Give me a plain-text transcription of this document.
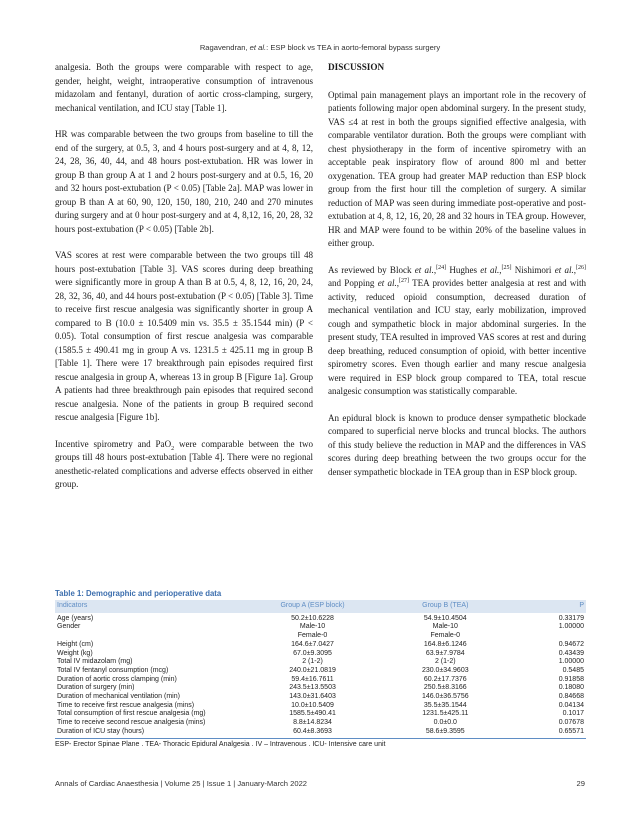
Ragavendran, et al.: ESP block vs TEA in aorto-femoral bypass surgery

analgesia. Both the groups were comparable with respect to age, gender, height, weight, intraoperative consumption of intravenous midazolam and fentanyl, duration of aortic cross-clamping, surgery, mechanical ventilation, and ICU stay [Table 1].

HR was comparable between the two groups from baseline to till the end of the surgery, at 0.5, 3, and 4 hours post-surgery and at 4, 8, 12, 24, 28, 36, 40, 44, and 48 hours post-extubation. HR was lower in group B than group A at 1 and 2 hours post-surgery and at 0.5, 16, 20 and 32 hours post-extubation (P < 0.05) [Table 2a]. MAP was lower in group B than A at 60, 90, 120, 150, 180, 210, 240 and 270 minutes during surgery and at 0 hour post-surgery and at 4, 8,12, 16, 20, 28, 32 hours post-extubation (P < 0.05) [Table 2b].

VAS scores at rest were comparable between the two groups till 48 hours post-extubation [Table 3]. VAS scores during deep breathing were significantly more in group A than B at 0.5, 4, 8, 12, 16, 20, 24, 28, 32, 36, 40, and 44 hours post-extubation (P < 0.05) [Table 3]. Time to receive first rescue analgesia was significantly shorter in group A compared to B (10.0 ± 10.5409 min vs. 35.5 ± 35.1544 min) (P < 0.05). Total consumption of first rescue analgesia was comparable (1585.5 ± 490.41 mg in group A vs. 1231.5 ± 425.11 mg in group B [Table 1]. There were 17 breakthrough pain episodes required first rescue analgesia in group A, whereas 13 in group B [Figure 1a]. Group A patients had three breakthrough pain episodes that required second rescue analgesia. None of the patients in group B required second rescue analgesia [Figure 1b].

Incentive spirometry and PaO$_2$ were comparable between the two groups till 48 hours post-extubation [Table 4]. There were no regional anesthetic-related complications and adverse effects observed in either group.

DISCUSSION

Optimal pain management plays an important role in the recovery of patients following major open abdominal surgery. In the present study, VAS ≤4 at rest in both the groups signified effective analgesia, with comparable ventilator duration. Both the groups were compliant with chest physiotherapy in the form of incentive spirometry with an acceptable peak inspiratory flow of around 800 ml and better oxygenation. TEA group had greater MAP reduction than ESP block group from the first hour till the completion of surgery. A similar reduction of MAP was seen during immediate post-operative and post-extubation at 4, 8, 12, 16, 20, 28 and 32 hours in TEA group. However, HR and MAP were found to be within 20% of the baseline values in either group.

As reviewed by Block et al.,[24] Hughes et al.,[25] Nishimori et al.,[26] and Popping et al.,[27] TEA provides better analgesia at rest and with activity, reduced opioid consumption, decreased duration of mechanical ventilation and ICU stay, early mobilization, improved cough and sympathetic block in major abdominal surgeries. In the present study, TEA resulted in improved VAS scores at rest and during deep breathing, reduced consumption of opioid, with better incentive spirometry scores. Even though earlier and many rescue analgesia were required in ESP block group compared to TEA, total rescue analgesic consumption was statistically comparable.

An epidural block is known to produce denser sympathetic blockade compared to superficial nerve blocks and truncal blocks. The authors of this study believe the reduction in MAP and the differences in VAS scores during deep breathing between the two groups occur for the denser sympathetic blockade in TEA group than in ESP block group.

Table 1: Demographic and perioperative data
Indicators	Group A (ESP block)	Group B (TEA)	P
Age (years)	50.2±10.6228	54.9±10.4504	0.33179
Gender	Male-10	Male-10	1.00000
	Female-0	Female-0	
Height (cm)	164.6±7.0427	164.8±6.1246	0.94672
Weight (kg)	67.0±9.3095	63.9±7.9784	0.43439
Total IV midazolam (mg)	2 (1-2)	2 (1-2)	1.00000
Total IV fentanyl consumption (mcg)	240.0±21.0819	230.0±34.9603	0.5485
Duration of aortic cross clamping (min)	59.4±16.7611	60.2±17.7376	0.91858
Duration of surgery (min)	243.5±13.5503	250.5±8.3166	0.18080
Duration of mechanical ventilation (min)	143.0±31.6403	146.0±36.5756	0.84668
Time to receive first rescue analgesia (mins)	10.0±10.5409	35.5±35.1544	0.04134
Total consumption of first rescue analgesia (mg)	1585.5±490.41	1231.5±425.11	0.1017
Time to receive second rescue analgesia (mins)	8.8±14.8234	0.0±0.0	0.07678
Duration of ICU stay (hours)	60.4±8.3693	58.6±9.3595	0.65571
ESP- Erector Spinae Plane . TEA- Thoracic Epidural Analgesia . IV – Intravenous . ICU- Intensive care unit
Annals of Cardiac Anaesthesia | Volume 25 | Issue 1 | January-March 2022	29
